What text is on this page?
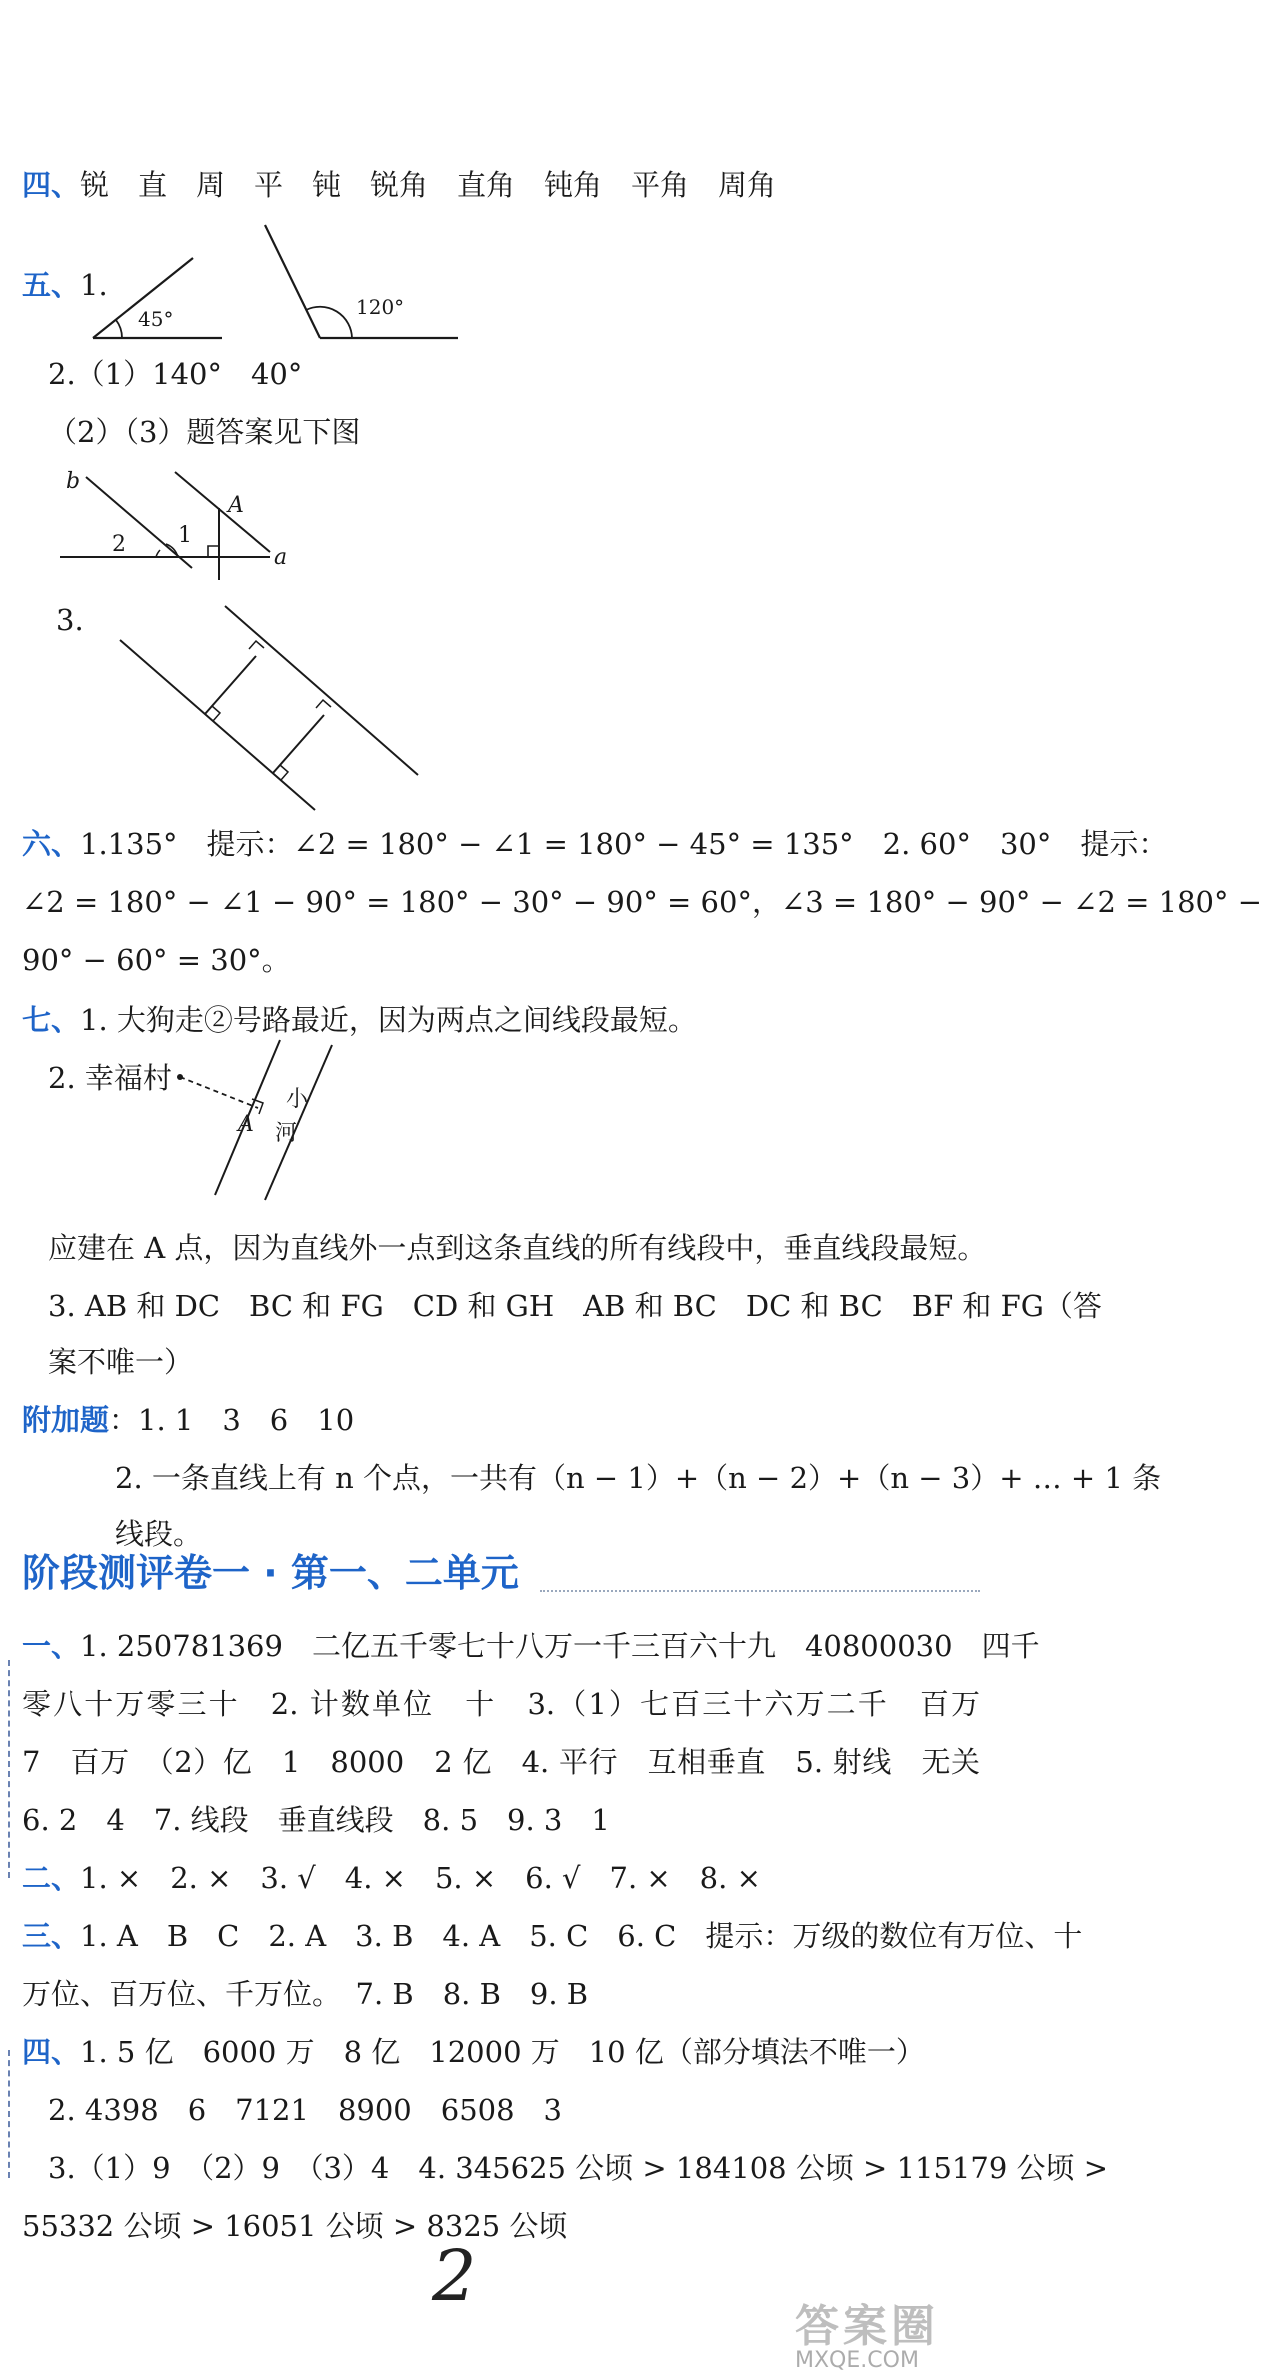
四、锐　直　周　平　钝　锐角　直角　钝角　平角　周角
五、1.
45°	120°
2.（1）140°　40°
（2）（3）题答案见下图
b
A
1
2
a
3.
六、1.135°　提示：∠2 = 180° − ∠1 = 180° − 45° = 135°　2. 60°　30°　提示：
∠2 = 180° − ∠1 − 90° = 180° − 30° − 90° = 60°，∠3 = 180° − 90° − ∠2 = 180° −
90° − 60° = 30°。
七、1. 大狗走②号路最近，因为两点之间线段最短。
2. 幸福村
A
小
河
应建在 A 点，因为直线外一点到这条直线的所有线段中，垂直线段最短。
3. AB 和 DC　BC 和 FG　CD 和 GH　AB 和 BC　DC 和 BC　BF 和 FG（答
案不唯一）
附加题：1. 1　3　6　10
2. 一条直线上有 n 个点，一共有（n − 1）+（n − 2）+（n − 3）+ … + 1 条
线段。
阶段测评卷一 · 第一、二单元
一、1. 250781369　二亿五千零七十八万一千三百六十九　40800030　四千
零八十万零三十　2. 计数单位　十　3.（1）七百三十六万二千　百万
7　百万　（2）亿　1　8000　2 亿　4. 平行　互相垂直　5. 射线　无关
6. 2　4　7. 线段　垂直线段　8. 5　9. 3　1
二、1. ×　2. ×　3. √　4. ×　5. ×　6. √　7. ×　8. ×
三、1. A　B　C　2. A　3. B　4. A　5. C　6. C　提示：万级的数位有万位、十
万位、百万位、千万位。　7. B　8. B　9. B
四、1. 5 亿　6000 万　8 亿　12000 万　10 亿（部分填法不唯一）
2. 4398　6　7121　8900　6508　3
3.（1）9　（2）9　（3）4　4. 345625 公顷 > 184108 公顷 > 115179 公顷 >
55332 公顷 > 16051 公顷 > 8325 公顷
2
答案圈
MXQE.COM
